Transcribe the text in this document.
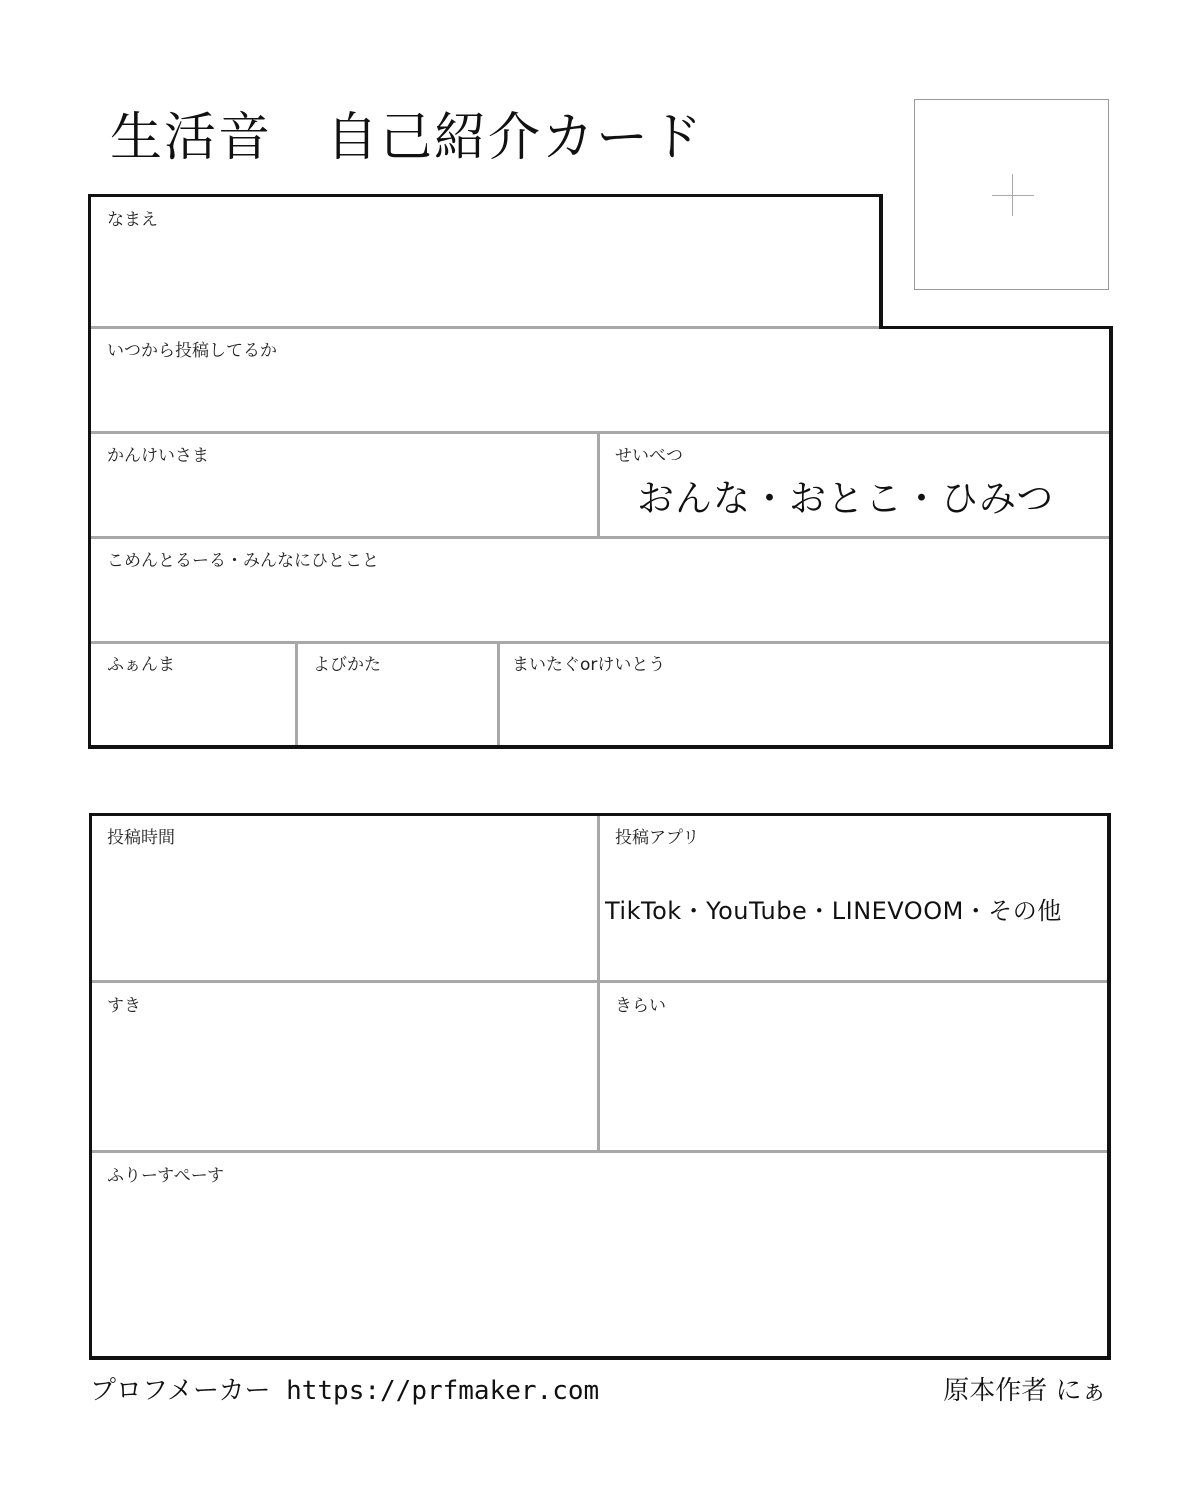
生活音　自己紹介カード
なまえ
いつから投稿してるか
かんけいさま	せいべつ
おんな・おとこ・ひみつ
こめんとるーる・みんなにひとこと
ふぁんま	よびかた	まいたぐorけいとう
投稿時間	投稿アプリ
TikTok・YouTube・LINEVOOM・その他
すき	きらい
ふりーすぺーす
プロフメーカー https://prfmaker.com	原本作者 にぁ
